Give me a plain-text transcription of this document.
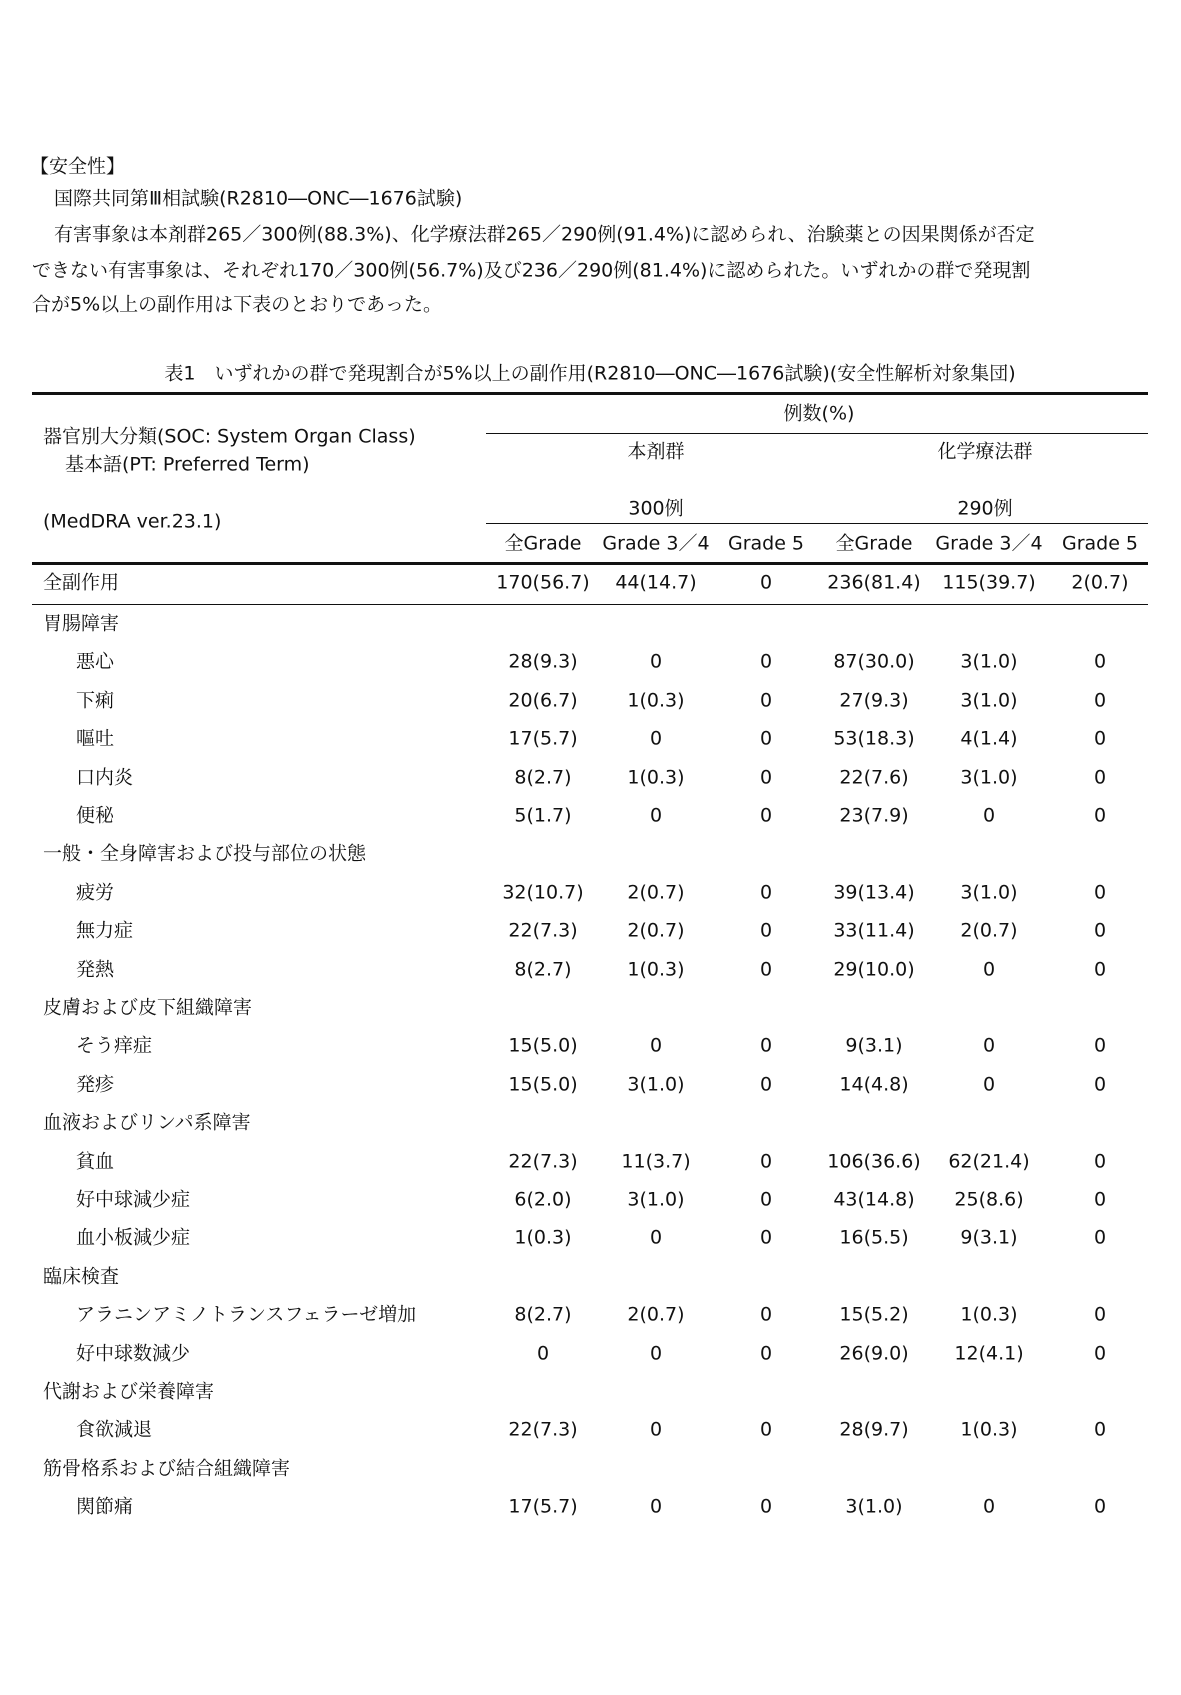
【安全性】
国際共同第Ⅲ相試験(R2810―ONC―1676試験)
有害事象は本剤群265／300例(88.3%)、化学療法群265／290例(91.4%)に認められ、治験薬との因果関係が否定
できない有害事象は、それぞれ170／300例(56.7%)及び236／290例(81.4%)に認められた。いずれかの群で発現割
合が5%以上の副作用は下表のとおりであった。
表1　いずれかの群で発現割合が5%以上の副作用(R2810―ONC―1676試験)(安全性解析対象集団)
器官別大分類(SOC: System Organ Class)
基本語(PT: Preferred Term)
(MedDRA ver.23.1)
例数(%)
本剤群	化学療法群
300例	290例
全Grade Grade 3／4 Grade 5 全Grade Grade 3／4 Grade 5
全副作用	170(56.7) 44(14.7)	0	236(81.4) 115(39.7) 2(0.7)
胃腸障害
悪心	28(9.3)	0	0	87(30.0) 3(1.0)	0
下痢	20(6.7)	1(0.3)	0	27(9.3)	3(1.0)	0
嘔吐	17(5.7)	0	0	53(18.3) 4(1.4)	0
口内炎	8(2.7)	1(0.3)	0	22(7.6)	3(1.0)	0
便秘	5(1.7)	0	0	23(7.9)	0	0
一般・全身障害および投与部位の状態
疲労	32(10.7) 2(0.7)	0	39(13.4) 3(1.0)	0
無力症	22(7.3)	2(0.7)	0	33(11.4) 2(0.7)	0
発熱	8(2.7)	1(0.3)	0	29(10.0)	0	0
皮膚および皮下組織障害
そう痒症	15(5.0)	0	0	9(3.1)	0	0
発疹	15(5.0)	3(1.0)	0	14(4.8)	0	0
血液およびリンパ系障害
貧血	22(7.3) 11(3.7)	0	106(36.6) 62(21.4)	0
好中球減少症	6(2.0)	3(1.0)	0	43(14.8) 25(8.6)	0
血小板減少症	1(0.3)	0	0	16(5.5)	9(3.1)	0
臨床検査
アラニンアミノトランスフェラーゼ増加	8(2.7)	2(0.7)	0	15(5.2)	1(0.3)	0
好中球数減少	0	0	0	26(9.0) 12(4.1)	0
代謝および栄養障害
食欲減退	22(7.3)	0	0	28(9.7)	1(0.3)	0
筋骨格系および結合組織障害
関節痛	17(5.7)	0	0	3(1.0)	0	0
